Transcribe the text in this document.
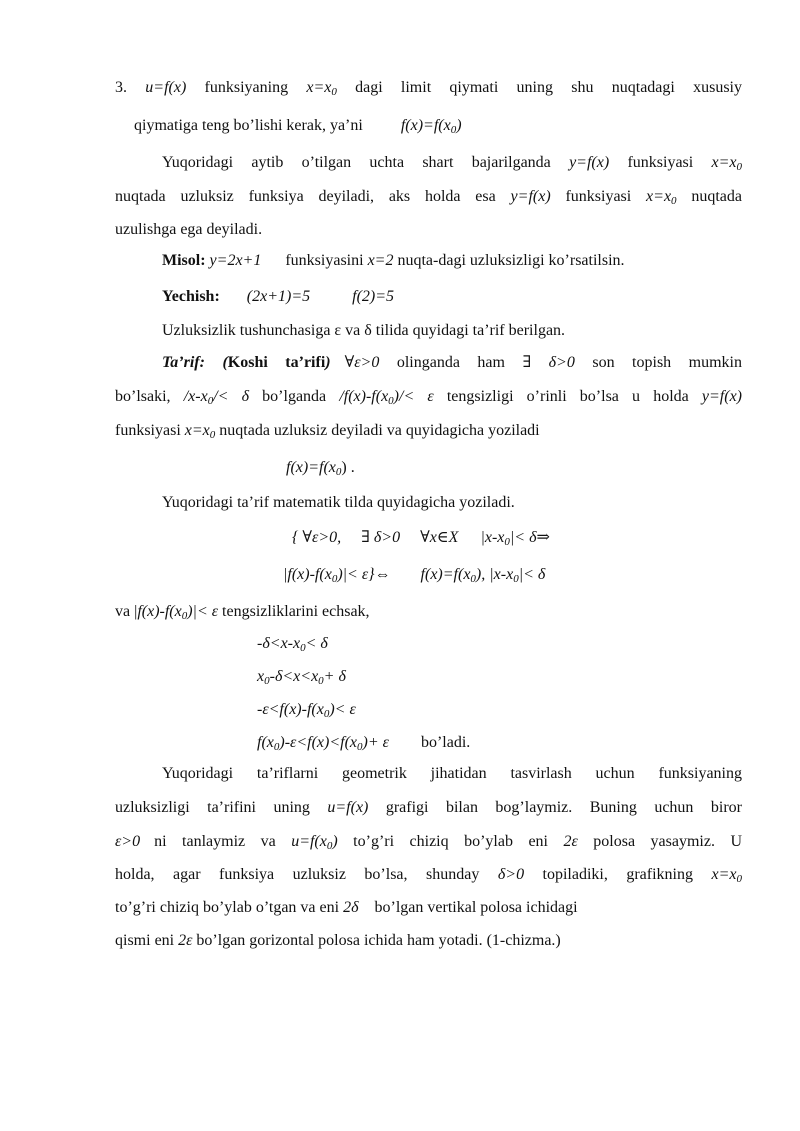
3. u=f(x) funksiyaning $x=x_0$ dagi limit qiymati uning shu nuqtadagi xususiy
qiymatiga teng bo’lishi kerak, ya’ni $f(x)=f(x_0)$
Yuqoridagi aytib o’tilgan uchta shart bajarilganda y=f(x) funksiyasi $x=x_0$
nuqtada uzluksiz funksiya deyiladi, aks holda esa y=f(x) funksiyasi $x=x_0$ nuqtada
uzulishga ega deyiladi.
Misol: y=2x+1 funksiyasini x=2 nuqta-dagi uzluksizligi ko’rsatilsin.
Yechish: (2x+1)=5	f(2)=5
Uzluksizlik tushunchasiga ε va δ tilida quyidagi ta’rif berilgan.
Ta’rif: (Koshi ta’rifi) ∀ε>0 olinganda ham ∃ δ>0 son topish mumkin
bo’lsaki, $/x-x_0/< \delta$ bo’lganda $/f(x)-f(x_0)/< \varepsilon$ tengsizligi o’rinli bo’lsa u holda y=f(x)
funksiyasi $x=x_0$ nuqtada uzluksiz deyiladi va quyidagicha yoziladi
$f(x)=f(x_0)$ .
Yuqoridagi ta’rif matematik tilda quyidagicha yoziladi.
{ ∀ε>0, ∃ δ>0 ∀x∈X $|x-x_0|<$ δ⇒
$|f(x)-f(x_0)|<$ ε}⇔ $f(x)=f(x_0)$, $|x-x_0|< \delta$
va $|f(x)-f(x_0)|< \varepsilon$ tengsizliklarini echsak,
$-\delta<x-x_0< \delta$
$x_0-\delta<x<x_0+ \delta$
$-\varepsilon<f(x)-f(x_0)< \varepsilon$
$f(x_0)-\varepsilon<f(x)<f(x_0)+ \varepsilon$ bo’ladi.
Yuqoridagi ta’riflarni geometrik jihatidan tasvirlash uchun funksiyaning
uzluksizligi ta’rifini uning u=f(x) grafigi bilan bog’laymiz. Buning uchun biror
ε>0 ni tanlaymiz va $u=f(x_0)$ to’g’ri chiziq bo’ylab eni 2ε polosa yasaymiz. U
holda, agar funksiya uzluksiz bo’lsa, shunday δ>0 topiladiki, grafikning $x=x_0$
to’g’ri chiziq bo’ylab o’tgan va eni 2δ bo’lgan vertikal polosa ichidagi
qismi eni 2ε bo’lgan gorizontal polosa ichida ham yotadi. (1-chizma.)
